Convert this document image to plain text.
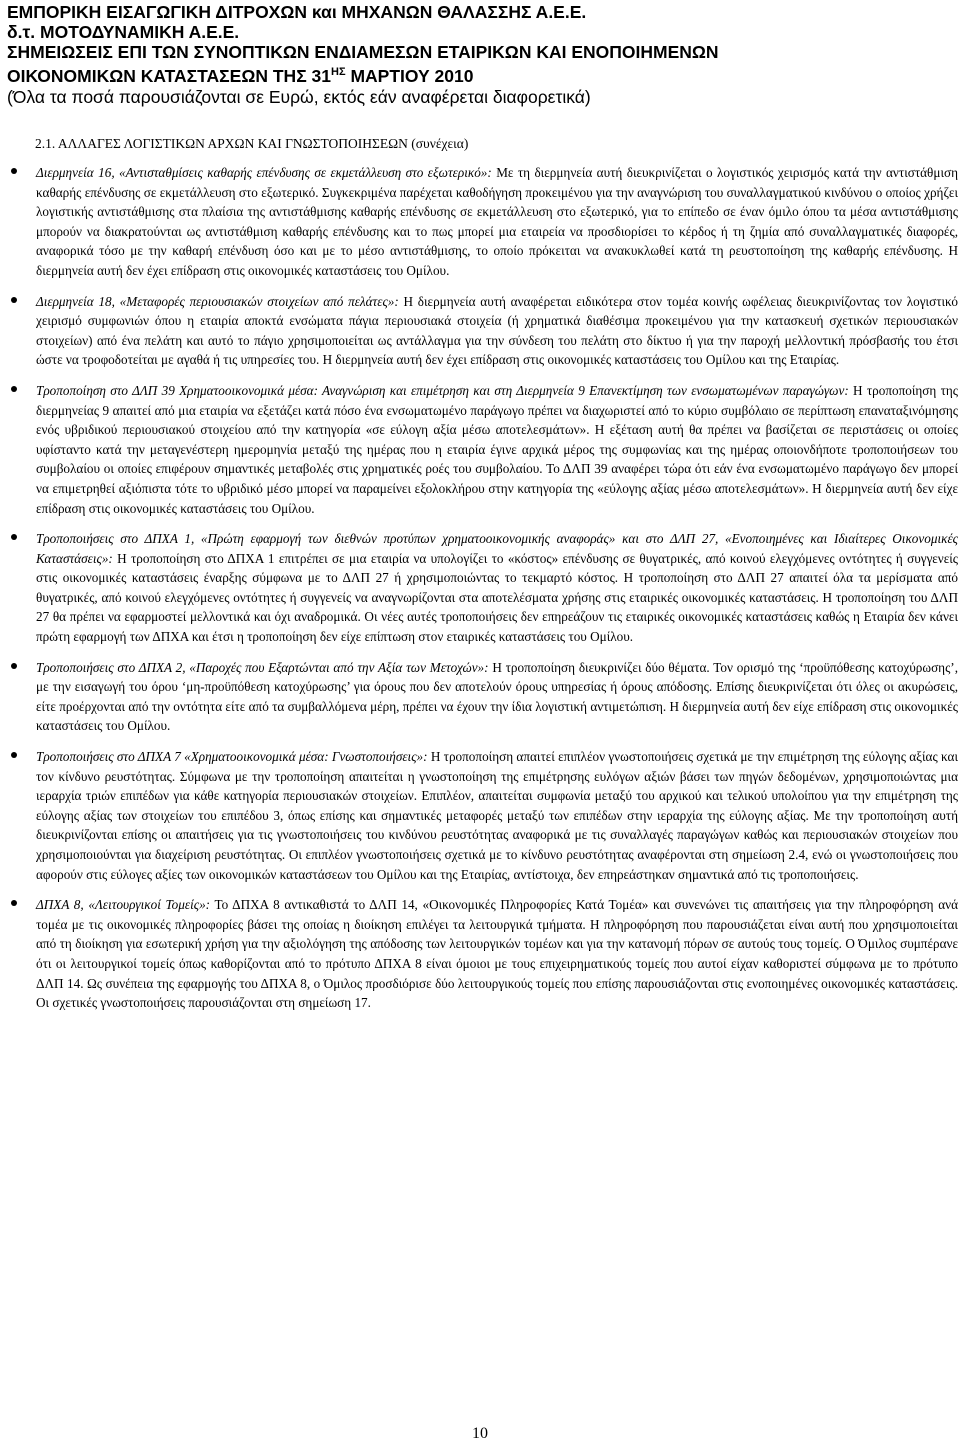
ΕΜΠΟΡΙΚΗ ΕΙΣΑΓΩΓΙΚΗ ΔΙΤΡΟΧΩΝ και ΜΗΧΑΝΩΝ ΘΑΛΑΣΣΗΣ Α.Ε.Ε.
δ.τ. ΜΟΤΟΔΥΝΑΜΙΚΗ Α.Ε.Ε.
ΣΗΜΕΙΩΣΕΙΣ ΕΠΙ ΤΩΝ ΣΥΝΟΠΤΙΚΩΝ ΕΝΔΙΑΜΕΣΩΝ ΕΤΑΙΡΙΚΩΝ ΚΑΙ ΕΝΟΠΟΙΗΜΕΝΩΝ
ΟΙΚΟΝΟΜΙΚΩΝ ΚΑΤΑΣΤΑΣΕΩΝ ΤΗΣ $31^{H\Sigma}$ ΜΑΡΤΙΟΥ 2010
(Όλα τα ποσά παρουσιάζονται σε Ευρώ, εκτός εάν αναφέρεται διαφορετικά)
2.1. ΑΛΛΑΓΕΣ ΛΟΓΙΣΤΙΚΩΝ ΑΡΧΩΝ ΚΑΙ ΓΝΩΣΤΟΠΟΙΗΣΕΩΝ (συνέχεια)
Διερμηνεία 16, «Αντισταθμίσεις καθαρής επένδυσης σε εκμετάλλευση στο εξωτερικό»: Με τη διερμηνεία αυτή διευκρινίζεται ο λογιστικός χειρισμός κατά την αντιστάθμιση καθαρής επένδυσης σε εκμετάλλευση στο εξωτερικό. Συγκεκριμένα παρέχεται καθοδήγηση προκειμένου για την αναγνώριση του συναλλαγματικού κινδύνου ο οποίος χρήζει λογιστικής αντιστάθμισης στα πλαίσια της αντιστάθμισης καθαρής επένδυσης σε εκμετάλλευση στο εξωτερικό, για το επίπεδο σε έναν όμιλο όπου τα μέσα αντιστάθμισης μπορούν να διακρατούνται ως αντιστάθμιση καθαρής επένδυσης και το πως μπορεί μια εταιρεία να προσδιορίσει το κέρδος ή τη ζημία από συναλλαγματικές διαφορές, αναφορικά τόσο με την καθαρή επένδυση όσο και με το μέσο αντιστάθμισης, το οποίο πρόκειται να ανακυκλωθεί κατά τη ρευστοποίηση της καθαρής επένδυσης. Η διερμηνεία αυτή δεν έχει επίδραση στις οικονομικές καταστάσεις του Ομίλου.
Διερμηνεία 18, «Μεταφορές περιουσιακών στοιχείων από πελάτες»: Η διερμηνεία αυτή αναφέρεται ειδικότερα στον τομέα κοινής ωφέλειας διευκρινίζοντας τον λογιστικό χειρισμό συμφωνιών όπου η εταιρία αποκτά ενσώματα πάγια περιουσιακά στοιχεία (ή χρηματικά διαθέσιμα προκειμένου για την κατασκευή σχετικών περιουσιακών στοιχείων) από ένα πελάτη και αυτό το πάγιο χρησιμοποιείται ως αντάλλαγμα για την σύνδεση του πελάτη στο δίκτυο ή για την παροχή μελλοντική πρόσβασής του έτσι ώστε να τροφοδοτείται με αγαθά ή τις υπηρεσίες του. Η διερμηνεία αυτή δεν έχει επίδραση στις οικονομικές καταστάσεις του Ομίλου και της Εταιρίας.
Τροποποίηση στο ΔΛΠ 39 Χρηματοοικονομικά μέσα: Αναγνώριση και επιμέτρηση και στη Διερμηνεία 9 Επανεκτίμηση των ενσωματωμένων παραγώγων: Η τροποποίηση της διερμηνείας 9 απαιτεί από μια εταιρία να εξετάζει κατά πόσο ένα ενσωματωμένο παράγωγο πρέπει να διαχωριστεί από το κύριο συμβόλαιο σε περίπτωση επαναταξινόμησης ενός υβριδικού περιουσιακού στοιχείου από την κατηγορία «σε εύλογη αξία μέσω αποτελεσμάτων». Η εξέταση αυτή θα πρέπει να βασίζεται σε περιστάσεις οι οποίες υφίσταντο κατά την μεταγενέστερη ημερομηνία μεταξύ της ημέρας που η εταιρία έγινε αρχικά μέρος της συμφωνίας και της ημέρας οποιονδήποτε τροποποιήσεων του συμβολαίου οι οποίες επιφέρουν σημαντικές μεταβολές στις χρηματικές ροές του συμβολαίου. Το ΔΛΠ 39 αναφέρει τώρα ότι εάν ένα ενσωματωμένο παράγωγο δεν μπορεί να επιμετρηθεί αξιόπιστα τότε το υβριδικό μέσο μπορεί να παραμείνει εξολοκλήρου στην κατηγορία της «εύλογης αξίας μέσω αποτελεσμάτων». Η διερμηνεία αυτή δεν είχε επίδραση στις οικονομικές καταστάσεις του Ομίλου.
Τροποποιήσεις στο ΔΠΧΑ 1, «Πρώτη εφαρμογή των διεθνών προτύπων χρηματοοικονομικής αναφοράς» και στο ΔΛΠ 27, «Ενοποιημένες και Ιδιαίτερες Οικονομικές Καταστάσεις»: Η τροποποίηση στο ΔΠΧΑ 1 επιτρέπει σε μια εταιρία να υπολογίζει το «κόστος» επένδυσης σε θυγατρικές, από κοινού ελεγχόμενες οντότητες ή συγγενείς στις οικονομικές καταστάσεις έναρξης σύμφωνα με το ΔΛΠ 27 ή χρησιμοποιώντας το τεκμαρτό κόστος. Η τροποποίηση στο ΔΛΠ 27 απαιτεί όλα τα μερίσματα από θυγατρικές, από κοινού ελεγχόμενες οντότητες ή συγγενείς να αναγνωρίζονται στα αποτελέσματα χρήσης στις εταιρικές οικονομικές καταστάσεις. Η τροποποίηση του ΔΛΠ 27 θα πρέπει να εφαρμοστεί μελλοντικά και όχι αναδρομικά. Οι νέες αυτές τροποποιήσεις δεν επηρεάζουν τις εταιρικές οικονομικές καταστάσεις καθώς η Εταιρία δεν κάνει πρώτη εφαρμογή των ΔΠΧΑ και έτσι η τροποποίηση δεν είχε επίπτωση στον εταιρικές καταστάσεις του Ομίλου.
Τροποποιήσεις στο ΔΠΧΑ 2, «Παροχές που Εξαρτώνται από την Αξία των Μετοχών»: Η τροποποίηση διευκρινίζει δύο θέματα. Τον ορισμό της ‘προϋπόθεσης κατοχύρωσης’, με την εισαγωγή του όρου ‘μη-προϋπόθεση κατοχύρωσης’ για όρους που δεν αποτελούν όρους υπηρεσίας ή όρους απόδοσης. Επίσης διευκρινίζεται ότι όλες οι ακυρώσεις, είτε προέρχονται από την οντότητα είτε από τα συμβαλλόμενα μέρη, πρέπει να έχουν την ίδια λογιστική αντιμετώπιση. Η διερμηνεία αυτή δεν είχε επίδραση στις οικονομικές καταστάσεις του Ομίλου.
Τροποποιήσεις στο ΔΠΧΑ 7 «Χρηματοοικονομικά μέσα: Γνωστοποιήσεις»: Η τροποποίηση απαιτεί επιπλέον γνωστοποιήσεις σχετικά με την επιμέτρηση της εύλογης αξίας και τον κίνδυνο ρευστότητας. Σύμφωνα με την τροποποίηση απαιτείται η γνωστοποίηση της επιμέτρησης ευλόγων αξιών βάσει των πηγών δεδομένων, χρησιμοποιώντας μια ιεραρχία τριών επιπέδων για κάθε κατηγορία περιουσιακών στοιχείων. Επιπλέον, απαιτείται συμφωνία μεταξύ του αρχικού και τελικού υπολοίπου για την επιμέτρηση της εύλογης αξίας των στοιχείων του επιπέδου 3, όπως επίσης και σημαντικές μεταφορές μεταξύ των επιπέδων στην ιεραρχία της εύλογης αξίας. Με την τροποποίηση αυτή διευκρινίζονται επίσης οι απαιτήσεις για τις γνωστοποιήσεις του κινδύνου ρευστότητας αναφορικά με τις συναλλαγές παραγώγων καθώς και περιουσιακών στοιχείων που χρησιμοποιούνται για διαχείριση ρευστότητας. Οι επιπλέον γνωστοποιήσεις σχετικά με το κίνδυνο ρευστότητας αναφέρονται στη σημείωση 2.4, ενώ οι γνωστοποιήσεις που αφορούν στις εύλογες αξίες των οικονομικών καταστάσεων του Ομίλου και της Εταιρίας, αντίστοιχα, δεν επηρεάστηκαν σημαντικά από τις τροποποιήσεις.
ΔΠΧΑ 8, «Λειτουργικοί Τομείς»: Το ΔΠΧΑ 8 αντικαθιστά το ΔΛΠ 14, «Οικονομικές Πληροφορίες Κατά Τομέα» και συνενώνει τις απαιτήσεις για την πληροφόρηση ανά τομέα με τις οικονομικές πληροφορίες βάσει της οποίας η διοίκηση επιλέγει τα λειτουργικά τμήματα. Η πληροφόρηση που παρουσιάζεται είναι αυτή που χρησιμοποιείται από τη διοίκηση για εσωτερική χρήση για την αξιολόγηση της απόδοσης των λειτουργικών τομέων και για την κατανομή πόρων σε αυτούς τους τομείς. Ο Όμιλος συμπέρανε ότι οι λειτουργικοί τομείς όπως καθορίζονται από το πρότυπο ΔΠΧΑ 8 είναι όμοιοι με τους επιχειρηματικούς τομείς που αυτοί είχαν καθοριστεί σύμφωνα με το πρότυπο ΔΛΠ 14. Ως συνέπεια της εφαρμογής του ΔΠΧΑ 8, ο Όμιλος προσδιόρισε δύο λειτουργικούς τομείς που επίσης παρουσιάζονται στις ενοποιημένες οικονομικές καταστάσεις. Οι σχετικές γνωστοποιήσεις παρουσιάζονται στη σημείωση 17.
10
